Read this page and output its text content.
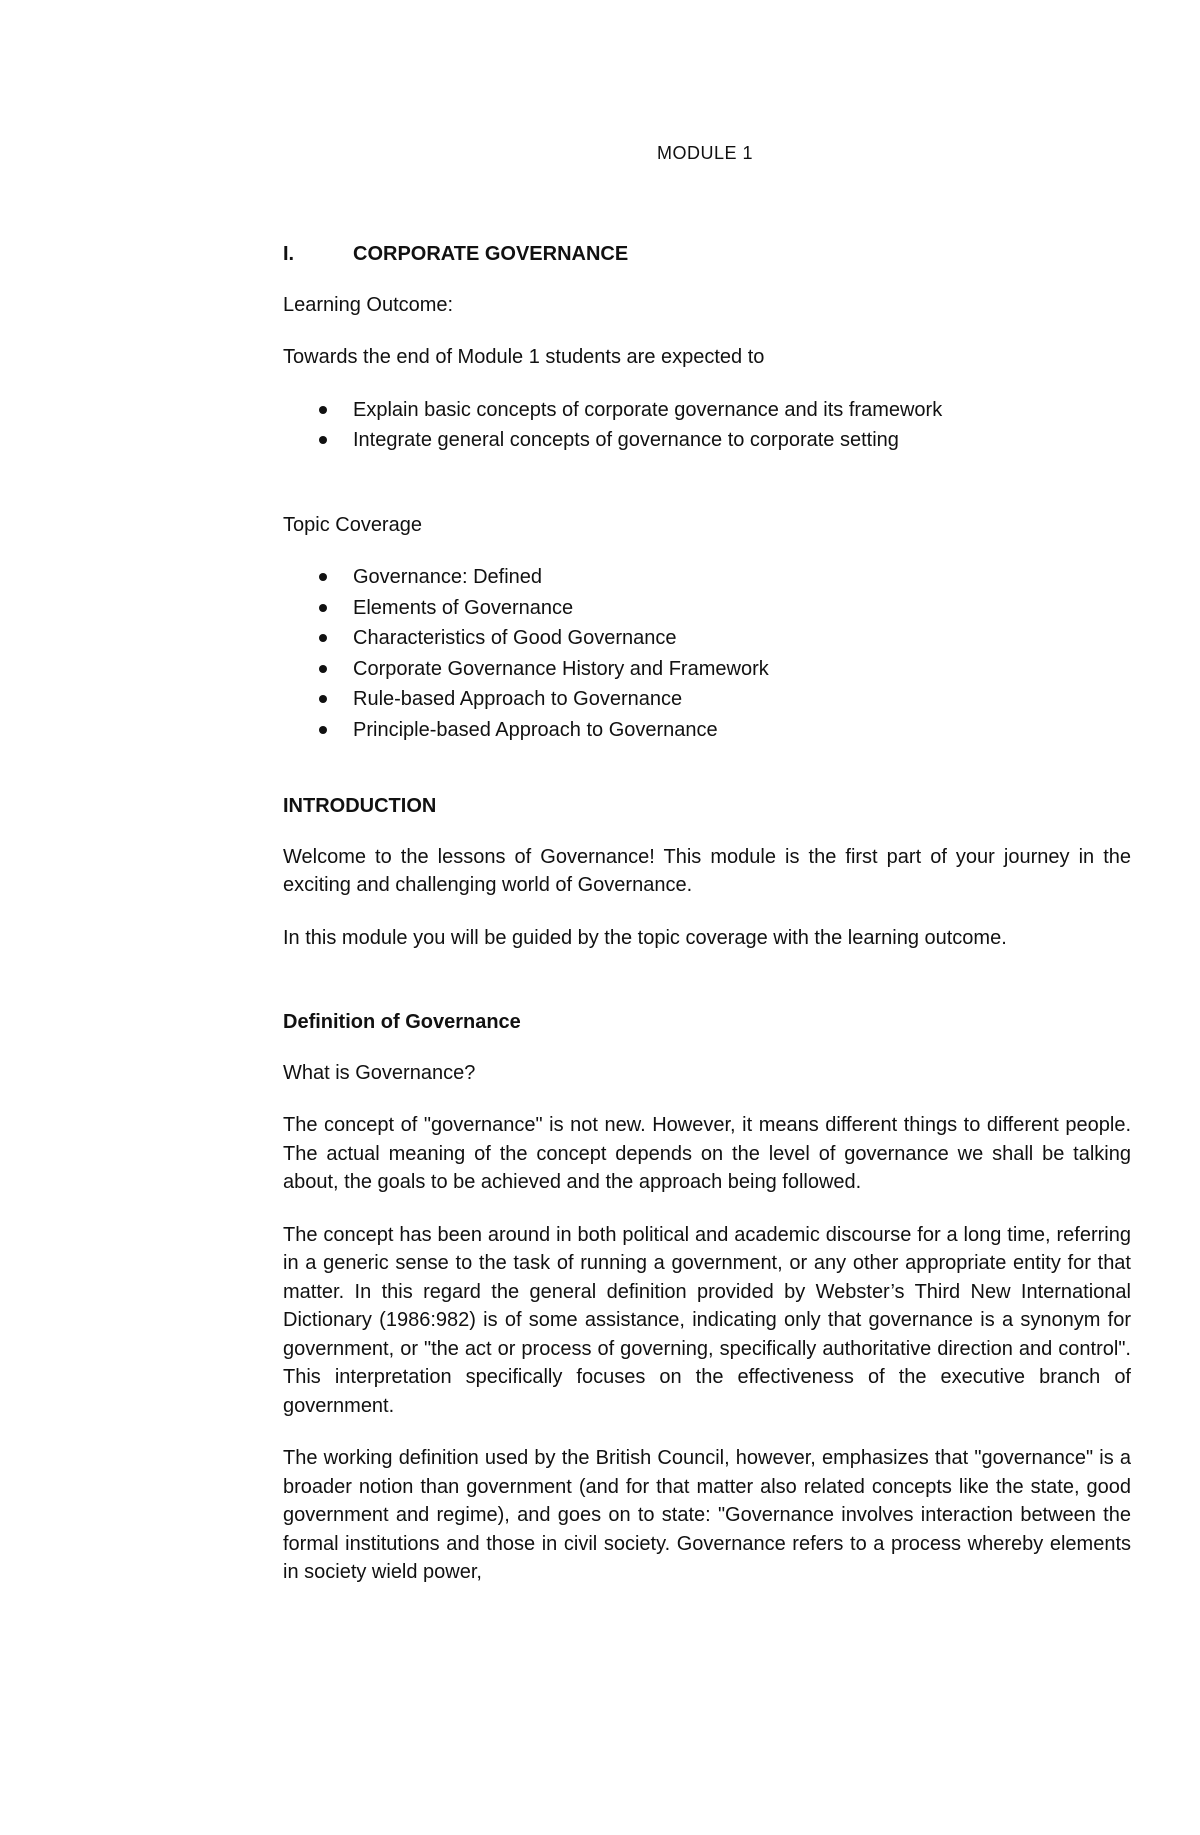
MODULE 1
I.	CORPORATE GOVERNANCE

Learning Outcome:

Towards the end of Module 1 students are expected to

Explain basic concepts of corporate governance and its framework
Integrate general concepts of governance to corporate setting

Topic Coverage

Governance: Defined
Elements of Governance
Characteristics of Good Governance
Corporate Governance History and Framework
Rule-based Approach to Governance
Principle-based Approach to Governance

INTRODUCTION

Welcome to the lessons of Governance! This module is the first part of your journey in the exciting and challenging world of Governance.

In this module you will be guided by the topic coverage with the learning outcome.

Definition of Governance

What is Governance?

The concept of "governance" is not new. However, it means different things to different people. The actual meaning of the concept depends on the level of governance we shall be talking about, the goals to be achieved and the approach being followed.

The concept has been around in both political and academic discourse for a long time, referring in a generic sense to the task of running a government, or any other appropriate entity for that matter. In this regard the general definition provided by Webster’s Third New International Dictionary (1986:982) is of some assistance, indicating only that governance is a synonym for government, or "the act or process of governing, specifically authoritative direction and control". This interpretation specifically focuses on the effectiveness of the executive branch of government.

The working definition used by the British Council, however, emphasizes that "governance" is a broader notion than government (and for that matter also related concepts like the state, good government and regime), and goes on to state: "Governance involves interaction between the formal institutions and those in civil society. Governance refers to a process whereby elements in society wield power,
